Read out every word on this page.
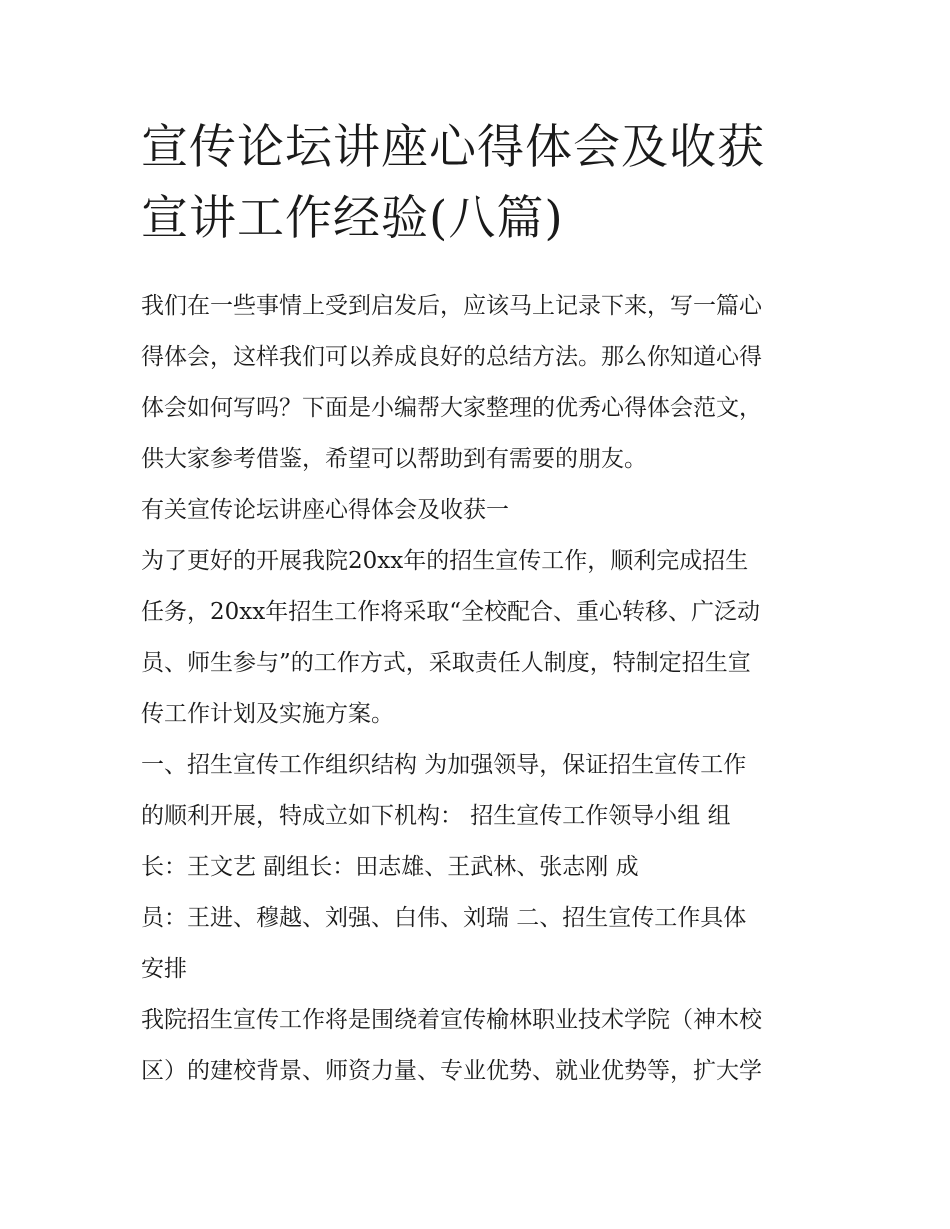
宣传论坛讲座心得体会及收获
宣讲工作经验(八篇)

我们在一些事情上受到启发后，应该马上记录下来，写一篇心
得体会，这样我们可以养成良好的总结方法。那么你知道心得
体会如何写吗？下面是小编帮大家整理的优秀心得体会范文，
供大家参考借鉴，希望可以帮助到有需要的朋友。

有关宣传论坛讲座心得体会及收获一

为了更好的开展我院20xx年的招生宣传工作，顺利完成招生
任务，20xx年招生工作将采取“全校配合、重心转移、广泛动
员、师生参与”的工作方式，采取责任人制度，特制定招生宣
传工作计划及实施方案。

一、招生宣传工作组织结构 为加强领导，保证招生宣传工作
的顺利开展，特成立如下机构： 招生宣传工作领导小组 组
长：王文艺 副组长：田志雄、王武林、张志刚 成
员：王进、穆越、刘强、白伟、刘瑞 二、招生宣传工作具体
安排

我院招生宣传工作将是围绕着宣传榆林职业技术学院（神木校
区）的建校背景、师资力量、专业优势、就业优势等，扩大学
